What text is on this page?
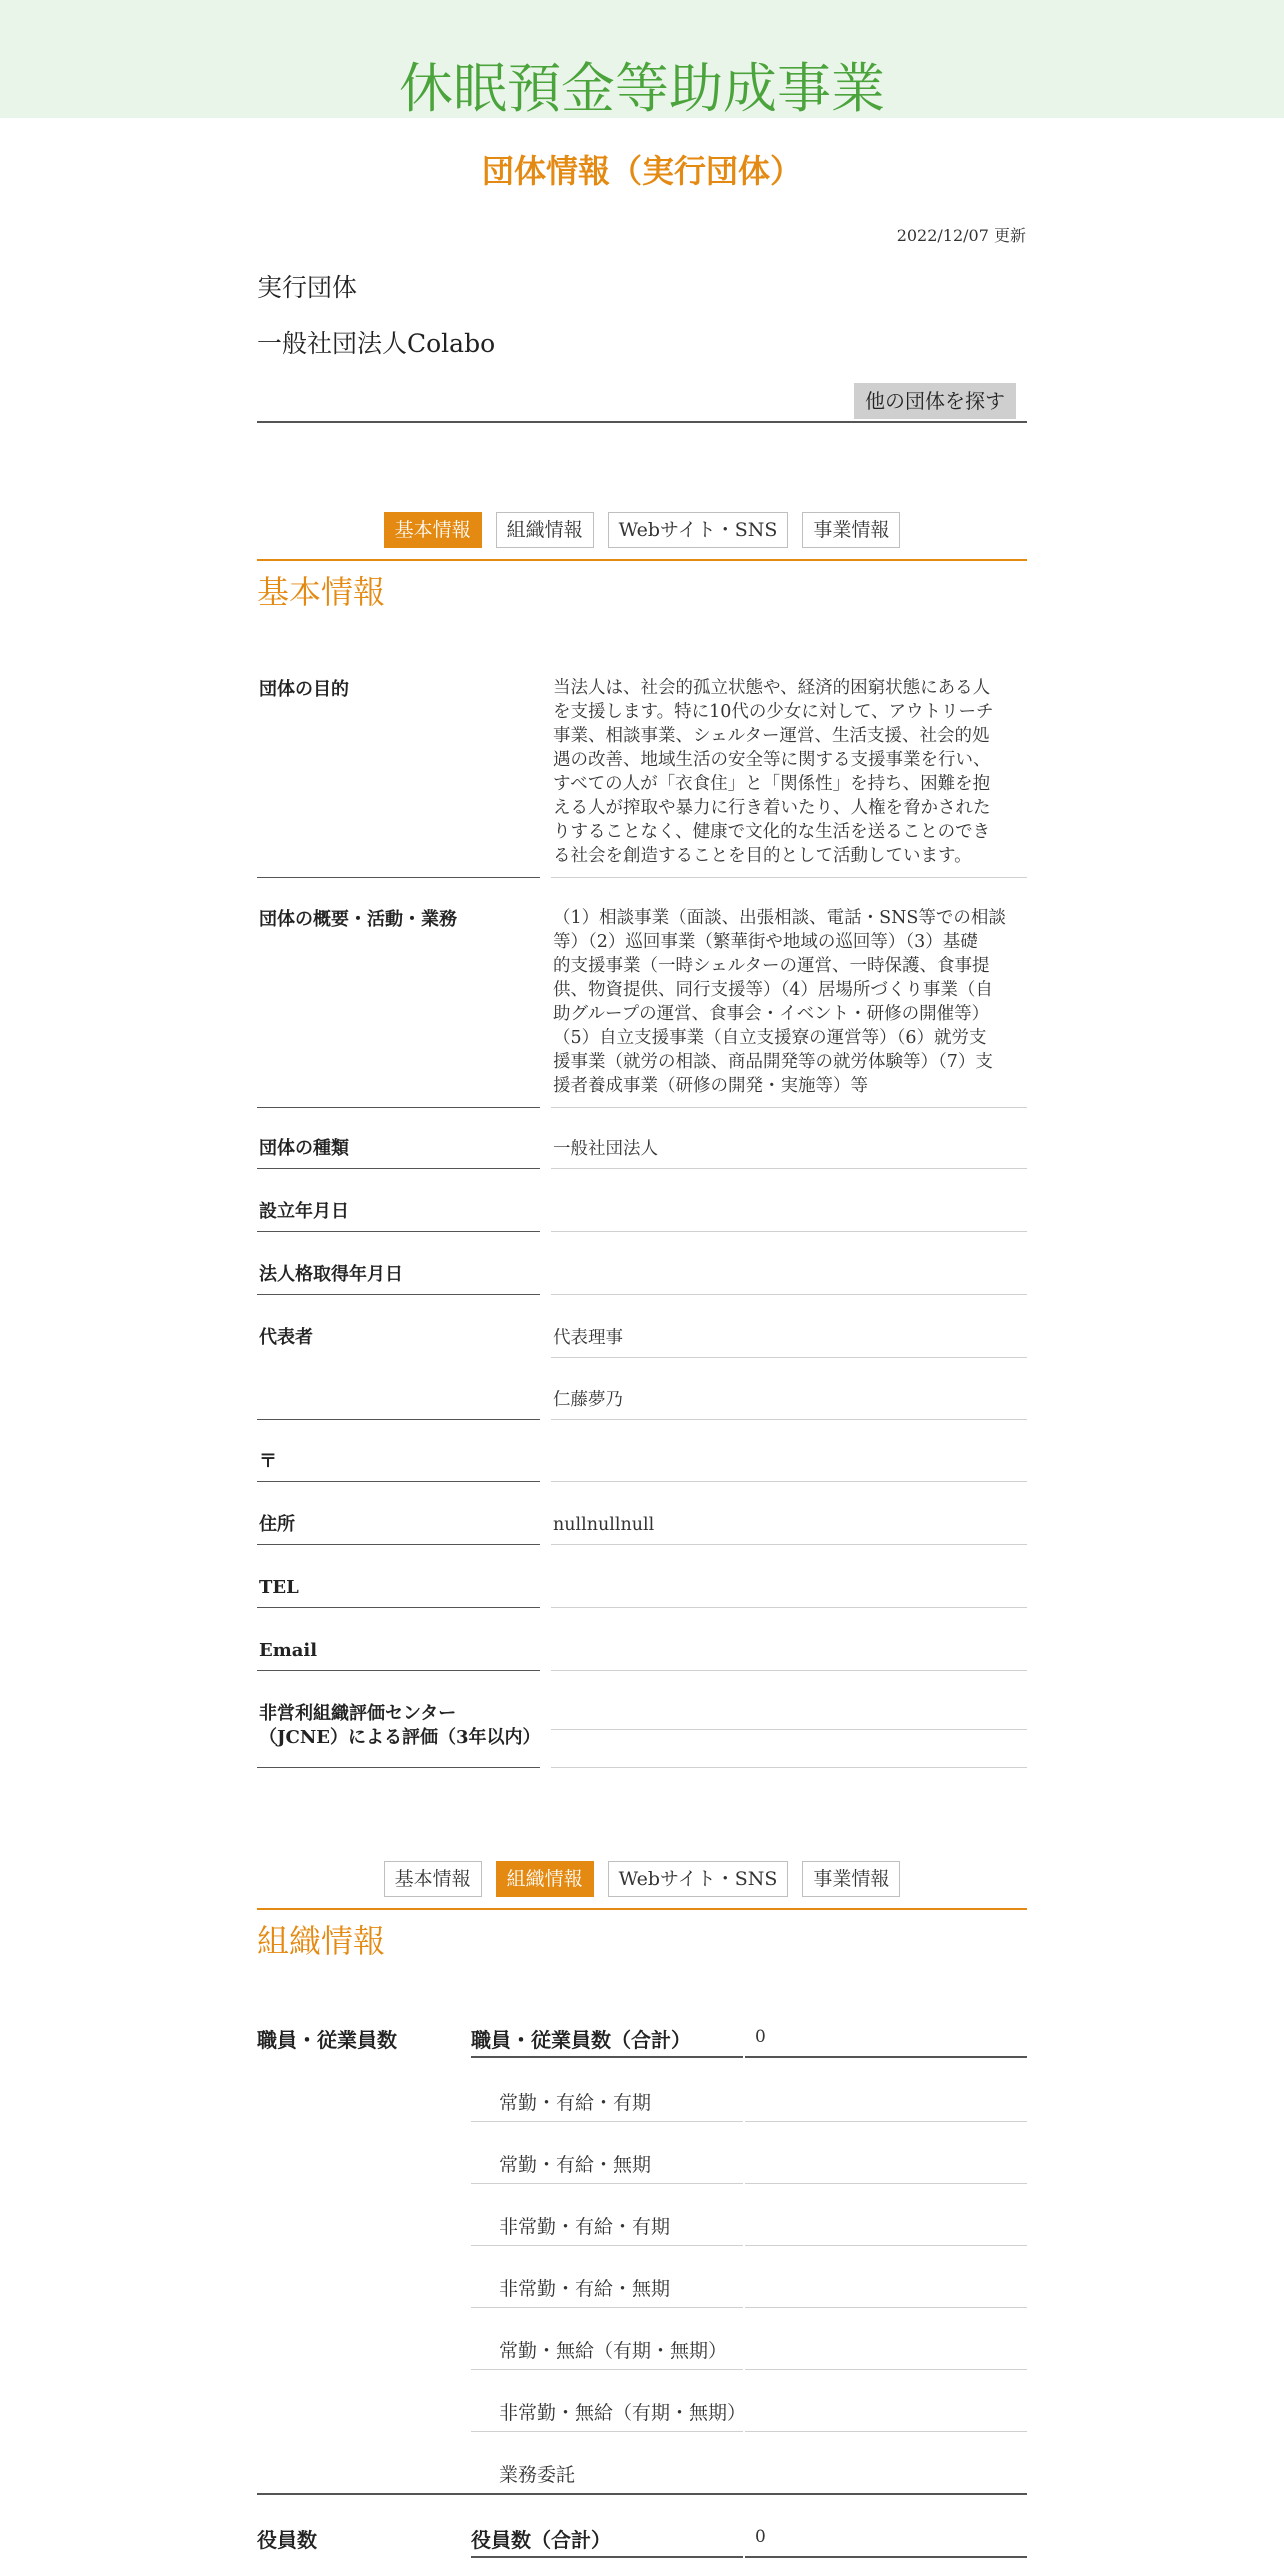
休眠預金等助成事業
団体情報（実行団体）
2022/12/07 更新
実行団体
一般社団法人Colabo
他の団体を探す
基本情報	組織情報	Webサイト・SNS	事業情報
基本情報
団体の目的	当法人は、社会的孤立状態や、経済的困窮状態にある人
を支援します。特に10代の少女に対して、アウトリーチ
事業、相談事業、シェルター運営、生活支援、社会的処
遇の改善、地域生活の安全等に関する支援事業を行い、
すべての人が「衣食住」と「関係性」を持ち、困難を抱
える人が搾取や暴力に行き着いたり、人権を脅かされた
りすることなく、健康で文化的な生活を送ることのでき
る社会を創造することを目的として活動しています。
団体の概要・活動・業務	（1）相談事業（面談、出張相談、電話・SNS等での相談
等）（2）巡回事業（繁華街や地域の巡回等）（3）基礎
的支援事業（一時シェルターの運営、一時保護、食事提
供、物資提供、同行支援等）（4）居場所づくり事業（自
助グループの運営、食事会・イベント・研修の開催等）
（5）自立支援事業（自立支援寮の運営等）（6）就労支
援事業（就労の相談、商品開発等の就労体験等）（7）支
援者養成事業（研修の開発・実施等）等
団体の種類	一般社団法人
設立年月日
法人格取得年月日
代表者	代表理事
仁藤夢乃
〒
住所	nullnullnull
TEL
Email
非営利組織評価センター
（JCNE）による評価（3年以内）
基本情報	組織情報	Webサイト・SNS	事業情報
組織情報
職員・従業員数	職員・従業員数（合計）	0
常勤・有給・有期
常勤・有給・無期
非常勤・有給・有期
非常勤・有給・無期
常勤・無給（有期・無期）
非常勤・無給（有期・無期）
業務委託
役員数	役員数（合計）	0
